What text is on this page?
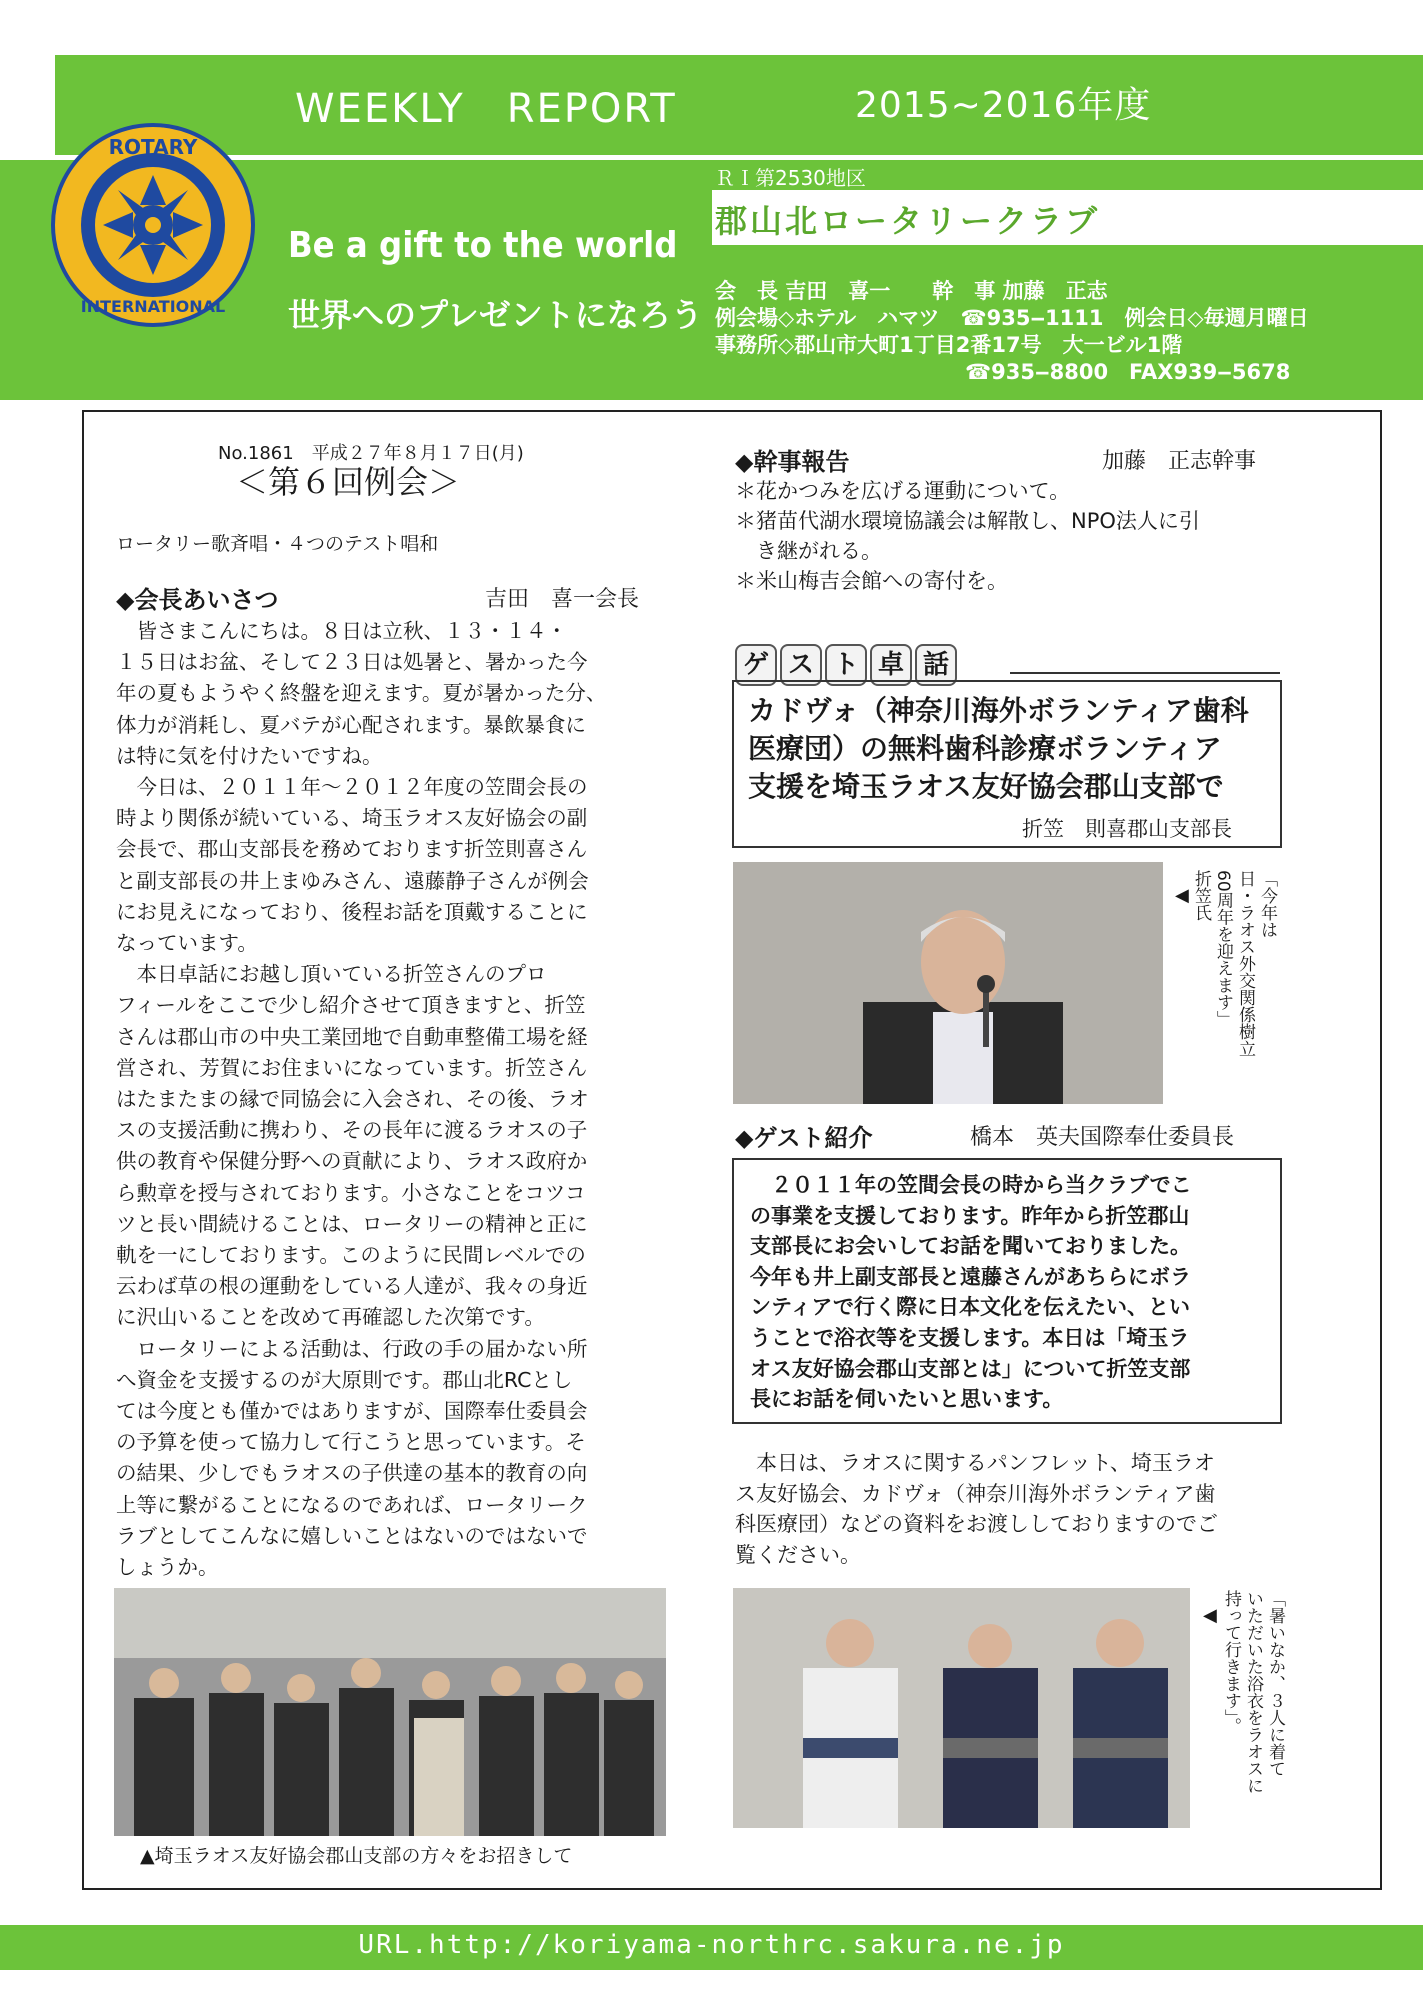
WEEKLY　REPORT	2015~2016年度
ROTARY
INTERNATIONAL
Be a gift to the world
世界へのプレゼントになろう
ＲＩ第2530地区
郡山北ロータリークラブ
会　長 吉田　喜一　　幹　事 加藤　正志
例会場◇ホテル　ハマツ　☎935‒1111　例会日◇毎週月曜日
事務所◇郡山市大町1丁目2番17号　大一ビル1階
☎935‒8800　FAX939‒5678
No.1861　平成２７年８月１７日(月)
＜第６回例会＞
ロータリー歌斉唱・４つのテスト唱和
◆会長あいさつ	吉田　喜一会長
　皆さまこんにちは。８日は立秋、１３・１４・
１５日はお盆、そして２３日は処暑と、暑かった今
年の夏もようやく終盤を迎えます。夏が暑かった分、
体力が消耗し、夏バテが心配されます。暴飲暴食に
は特に気を付けたいですね。
　今日は、２０１１年～２０１２年度の笠間会長の
時より関係が続いている、埼玉ラオス友好協会の副
会長で、郡山支部長を務めております折笠則喜さん
と副支部長の井上まゆみさん、遠藤静子さんが例会
にお見えになっており、後程お話を頂戴することに
なっています。
　本日卓話にお越し頂いている折笠さんのプロ
フィールをここで少し紹介させて頂きますと、折笠
さんは郡山市の中央工業団地で自動車整備工場を経
営され、芳賀にお住まいになっています。折笠さん
はたまたまの縁で同協会に入会され、その後、ラオ
スの支援活動に携わり、その長年に渡るラオスの子
供の教育や保健分野への貢献により、ラオス政府か
ら勲章を授与されております。小さなことをコツコ
ツと長い間続けることは、ロータリーの精神と正に
軌を一にしております。このように民間レベルでの
云わば草の根の運動をしている人達が、我々の身近
に沢山いることを改めて再確認した次第です。
　ロータリーによる活動は、行政の手の届かない所
へ資金を支援するのが大原則です。郡山北RCとし
ては今度とも僅かではありますが、国際奉仕委員会
の予算を使って協力して行こうと思っています。そ
の結果、少しでもラオスの子供達の基本的教育の向
上等に繋がることになるのであれば、ロータリーク
ラブとしてこんなに嬉しいことはないのではないで
しょうか。
▲埼玉ラオス友好協会郡山支部の方々をお招きして
◆幹事報告	加藤　正志幹事
＊花かつみを広げる運動について。
＊猪苗代湖水環境協議会は解散し、NPO法人に引
　き継がれる。
＊米山梅吉会館への寄付を。
ゲ ス ト 卓 話
カドヴォ（神奈川海外ボランティア歯科
医療団）の無料歯科診療ボランティア
支援を埼玉ラオス友好協会郡山支部で
折笠　則喜郡山支部長
◀	「今年は
日・ラオス外交関係樹立
60周年を迎えます」
折笠氏
◆ゲスト紹介	橋本　英夫国際奉仕委員長
　２０１１年の笠間会長の時から当クラブでこ
の事業を支援しております。昨年から折笠郡山
支部長にお会いしてお話を聞いておりました。
今年も井上副支部長と遠藤さんがあちらにボラ
ンティアで行く際に日本文化を伝えたい、とい
うことで浴衣等を支援します。本日は「埼玉ラ
オス友好協会郡山支部とは」について折笠支部
長にお話を伺いたいと思います。
　本日は、ラオスに関するパンフレット、埼玉ラオ
ス友好協会、カドヴォ（神奈川海外ボランティア歯
科医療団）などの資料をお渡ししておりますのでご
覧ください。
◀	「暑いなか、３人に着て
いただいた浴衣をラオスに
持って行きます」。
URL.http://koriyama-northrc.sakura.ne.jp
